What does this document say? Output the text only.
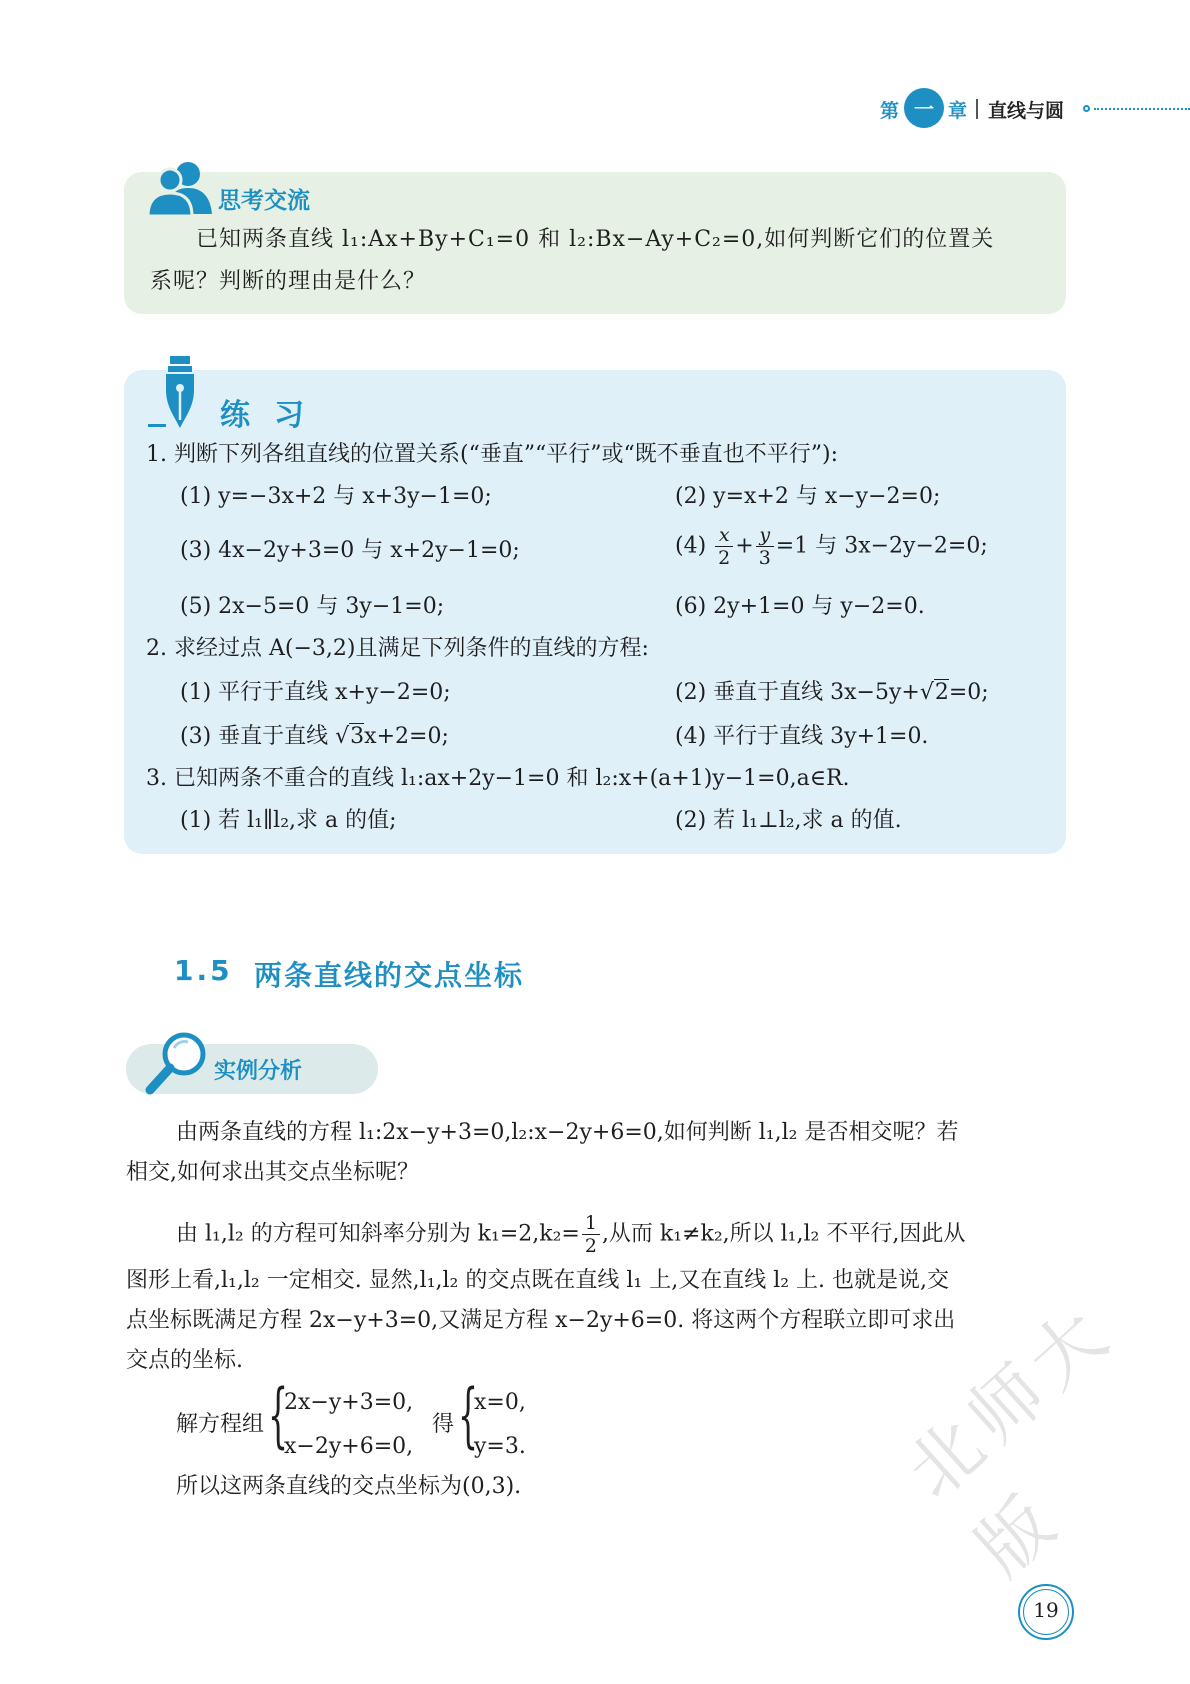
第 一 章 直线与圆
思考交流
已知两条直线 l₁:Ax+By+C₁=0 和 l₂:Bx−Ay+C₂=0,如何判断它们的位置关
系呢？判断的理由是什么？
练习
1. 判断下列各组直线的位置关系(“垂直”“平行”或“既不垂直也不平行”):
(1) y=−3x+2 与 x+3y−1=0;	(2) y=x+2 与 x−y−2=0;
(3) 4x−2y+3=0 与 x+2y−1=0;	$(4) \frac{x}{2} + \frac{y}{3} =1$ 与 3x−2y−2=0;
(5) 2x−5=0 与 3y−1=0;	(6) 2y+1=0 与 y−2=0.
2. 求经过点 A(−3,2)且满足下列条件的直线的方程:
(1) 平行于直线 x+y−2=0;	(2) 垂直于直线 3x−5y+√2=0;
(3) 垂直于直线 √3x+2=0;	(4) 平行于直线 3y+1=0.
3. 已知两条不重合的直线 l₁:ax+2y−1=0 和 l₂:x+(a+1)y−1=0,a∈R.
(1) 若 l₁∥l₂,求 a 的值;	(2) 若 l₁⊥l₂,求 a 的值.
1.5 两条直线的交点坐标
实例分析
由两条直线的方程 l₁:2x−y+3=0,l₂:x−2y+6=0,如何判断 l₁,l₂ 是否相交呢？若
相交,如何求出其交点坐标呢？
由 l₁,l₂ 的方程可知斜率分别为 $k_1=2,k_2= \frac{1}{2}$ ,从而 k₁≠k₂,所以 l₁,l₂ 不平行,因此从
图形上看,l₁,l₂ 一定相交. 显然,l₁,l₂ 的交点既在直线 l₁ 上,又在直线 l₂ 上. 也就是说,交
点坐标既满足方程 2x−y+3=0,又满足方程 x−2y+6=0. 将这两个方程联立即可求出
交点的坐标.
解方程组 {
2x−y+3=0,
x−2y+6=0,
得 {
x=0,
y=3.
所以这两条直线的交点坐标为(0,3).	北师大版
19
